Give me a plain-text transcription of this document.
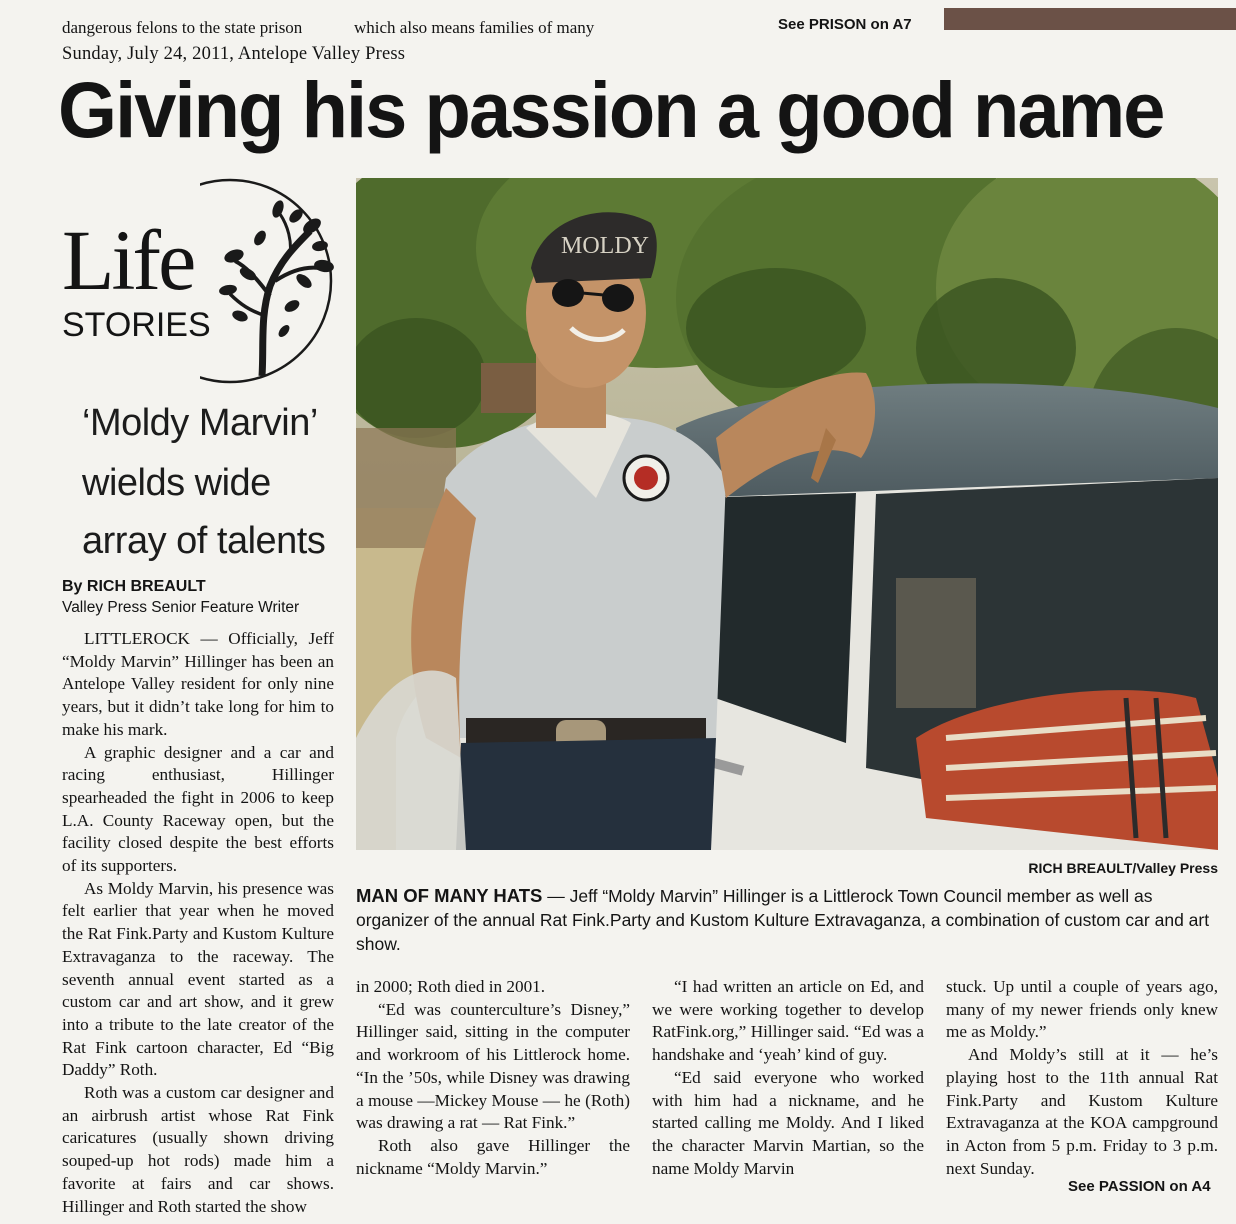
dangerous felons to the state prison	which also means families of many	See PRISON on A7
Sunday, July 24, 2011, Antelope Valley Press
Giving his passion a good name
Life
STORIES
‘Moldy Marvin’
wields wide
array of talents
By RICH BREAULT
Valley Press Senior Feature Writer

LITTLEROCK — Officially, Jeff “Moldy Marvin” Hillinger has been an Antelope Valley resident for only nine years, but it didn’t take long for him to make his mark.

A graphic designer and a car and racing enthusiast, Hillinger spearheaded the fight in 2006 to keep L.A. County Raceway open, but the facility closed despite the best efforts of its supporters.

As Moldy Marvin, his presence was felt earlier that year when he moved the Rat Fink.Party and Kustom Kulture Extravaganza to the raceway. The seventh annual event started as a custom car and art show, and it grew into a tribute to the late creator of the Rat Fink cartoon character, Ed “Big Daddy” Roth.

Roth was a custom car designer and an airbrush artist whose Rat Fink caricatures (usually shown driving souped-up hot rods) made him a favorite at fairs and car shows. Hillinger and Roth started the show

MOLDY
RICH BREAULT/Valley Press
MAN OF MANY HATS — Jeff “Moldy Marvin” Hillinger is a Littlerock Town Council member as well as organizer of the annual Rat Fink.Party and Kustom Kulture Extravaganza, a combination of custom car and art show.

in 2000; Roth died in 2001.

“Ed was counterculture’s Disney,” Hillinger said, sitting in the computer and workroom of his Littlerock home. “In the ’50s, while Disney was drawing a mouse —Mickey Mouse — he (Roth) was drawing a rat — Rat Fink.”

Roth also gave Hillinger the nickname “Moldy Marvin.”

“I had written an article on Ed, and we were working together to develop RatFink.org,” Hillinger said. “Ed was a handshake and ‘yeah’ kind of guy.

“Ed said everyone who worked with him had a nickname, and he started calling me Moldy. And I liked the character Marvin Martian, so the name Moldy Marvin

stuck. Up until a couple of years ago, many of my newer friends only knew me as Moldy.”

And Moldy’s still at it — he’s playing host to the 11th annual Rat Fink.Party and Kustom Kulture Extravaganza at the KOA campground in Acton from 5 p.m. Friday to 3 p.m. next Sunday.

See PASSION on A4
